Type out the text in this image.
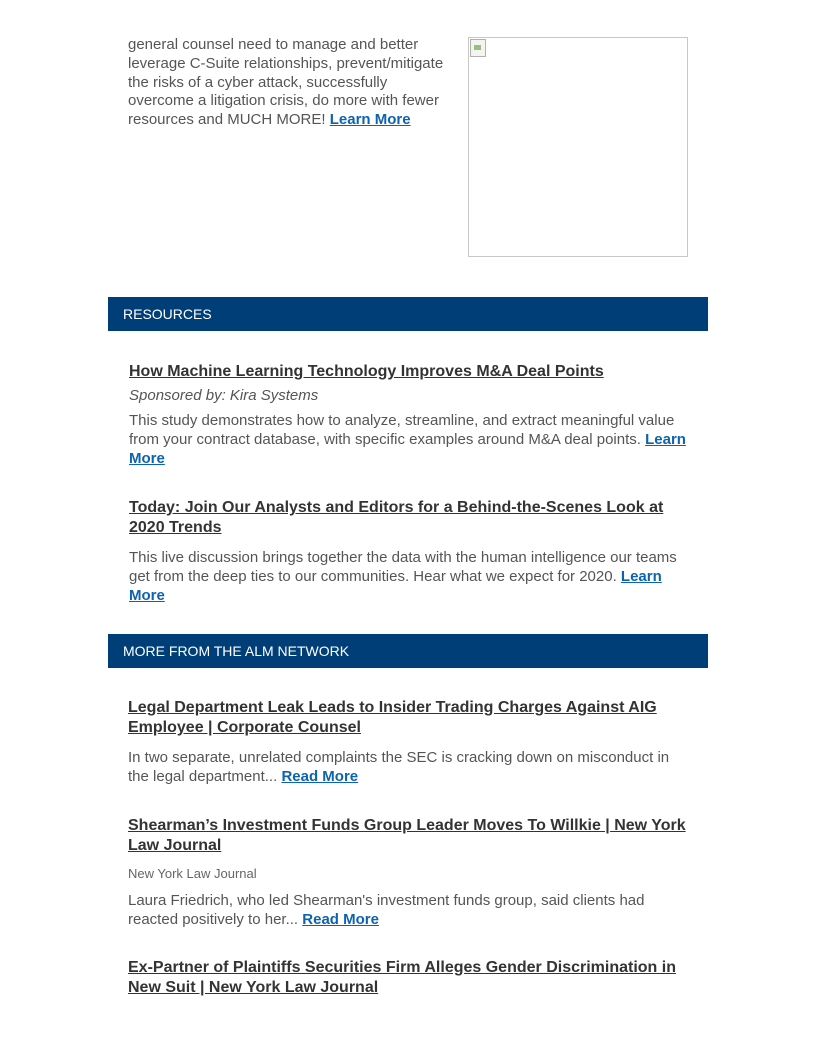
general counsel need to manage and better leverage C-Suite relationships, prevent/mitigate the risks of a cyber attack, successfully overcome a litigation crisis, do more with fewer resources and MUCH MORE! Learn More
RESOURCES
How Machine Learning Technology Improves M&A Deal Points
Sponsored by: Kira Systems
This study demonstrates how to analyze, streamline, and extract meaningful value from your contract database, with specific examples around M&A deal points. Learn More
Today: Join Our Analysts and Editors for a Behind-the-Scenes Look at 2020 Trends
This live discussion brings together the data with the human intelligence our teams get from the deep ties to our communities. Hear what we expect for 2020. Learn More
MORE FROM THE ALM NETWORK
Legal Department Leak Leads to Insider Trading Charges Against AIG Employee | Corporate Counsel
In two separate, unrelated complaints the SEC is cracking down on misconduct in the legal department... Read More
Shearman’s Investment Funds Group Leader Moves To Willkie | New York Law Journal
New York Law Journal
Laura Friedrich, who led Shearman's investment funds group, said clients had reacted positively to her... Read More
Ex-Partner of Plaintiffs Securities Firm Alleges Gender Discrimination in New Suit | New York Law Journal
